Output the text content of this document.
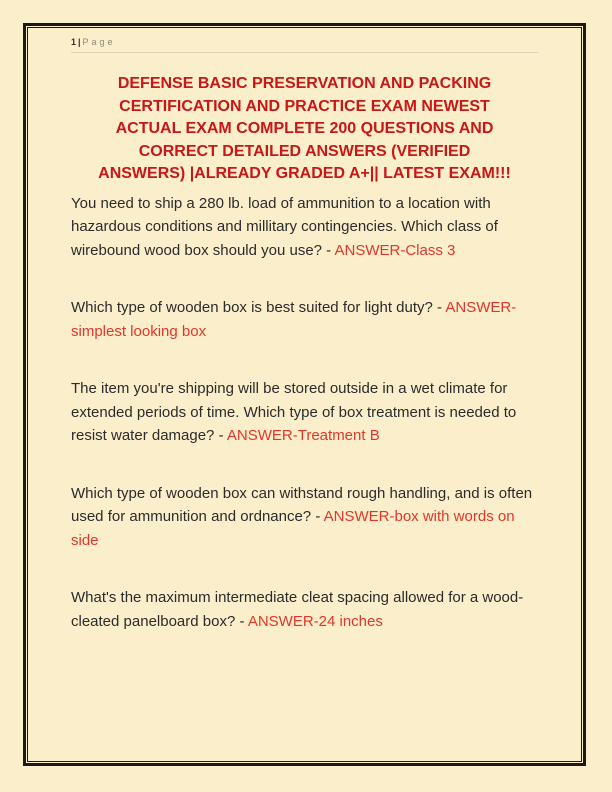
1| Page
DEFENSE BASIC PRESERVATION AND PACKING
CERTIFICATION AND PRACTICE EXAM NEWEST
ACTUAL EXAM COMPLETE 200 QUESTIONS AND
CORRECT DETAILED ANSWERS (VERIFIED
ANSWERS) |ALREADY GRADED A+|| LATEST EXAM!!!

You need to ship a 280 lb. load of ammunition to a location with hazardous conditions and millitary contingencies. Which class of wirebound wood box should you use? - ANSWER-Class 3

Which type of wooden box is best suited for light duty? - ANSWER-simplest looking box

The item you're shipping will be stored outside in a wet climate for extended periods of time. Which type of box treatment is needed to resist water damage? - ANSWER-Treatment B

Which type of wooden box can withstand rough handling, and is often used for ammunition and ordnance? - ANSWER-box with words on side

What's the maximum intermediate cleat spacing allowed for a wood-cleated panelboard box? - ANSWER-24 inches
